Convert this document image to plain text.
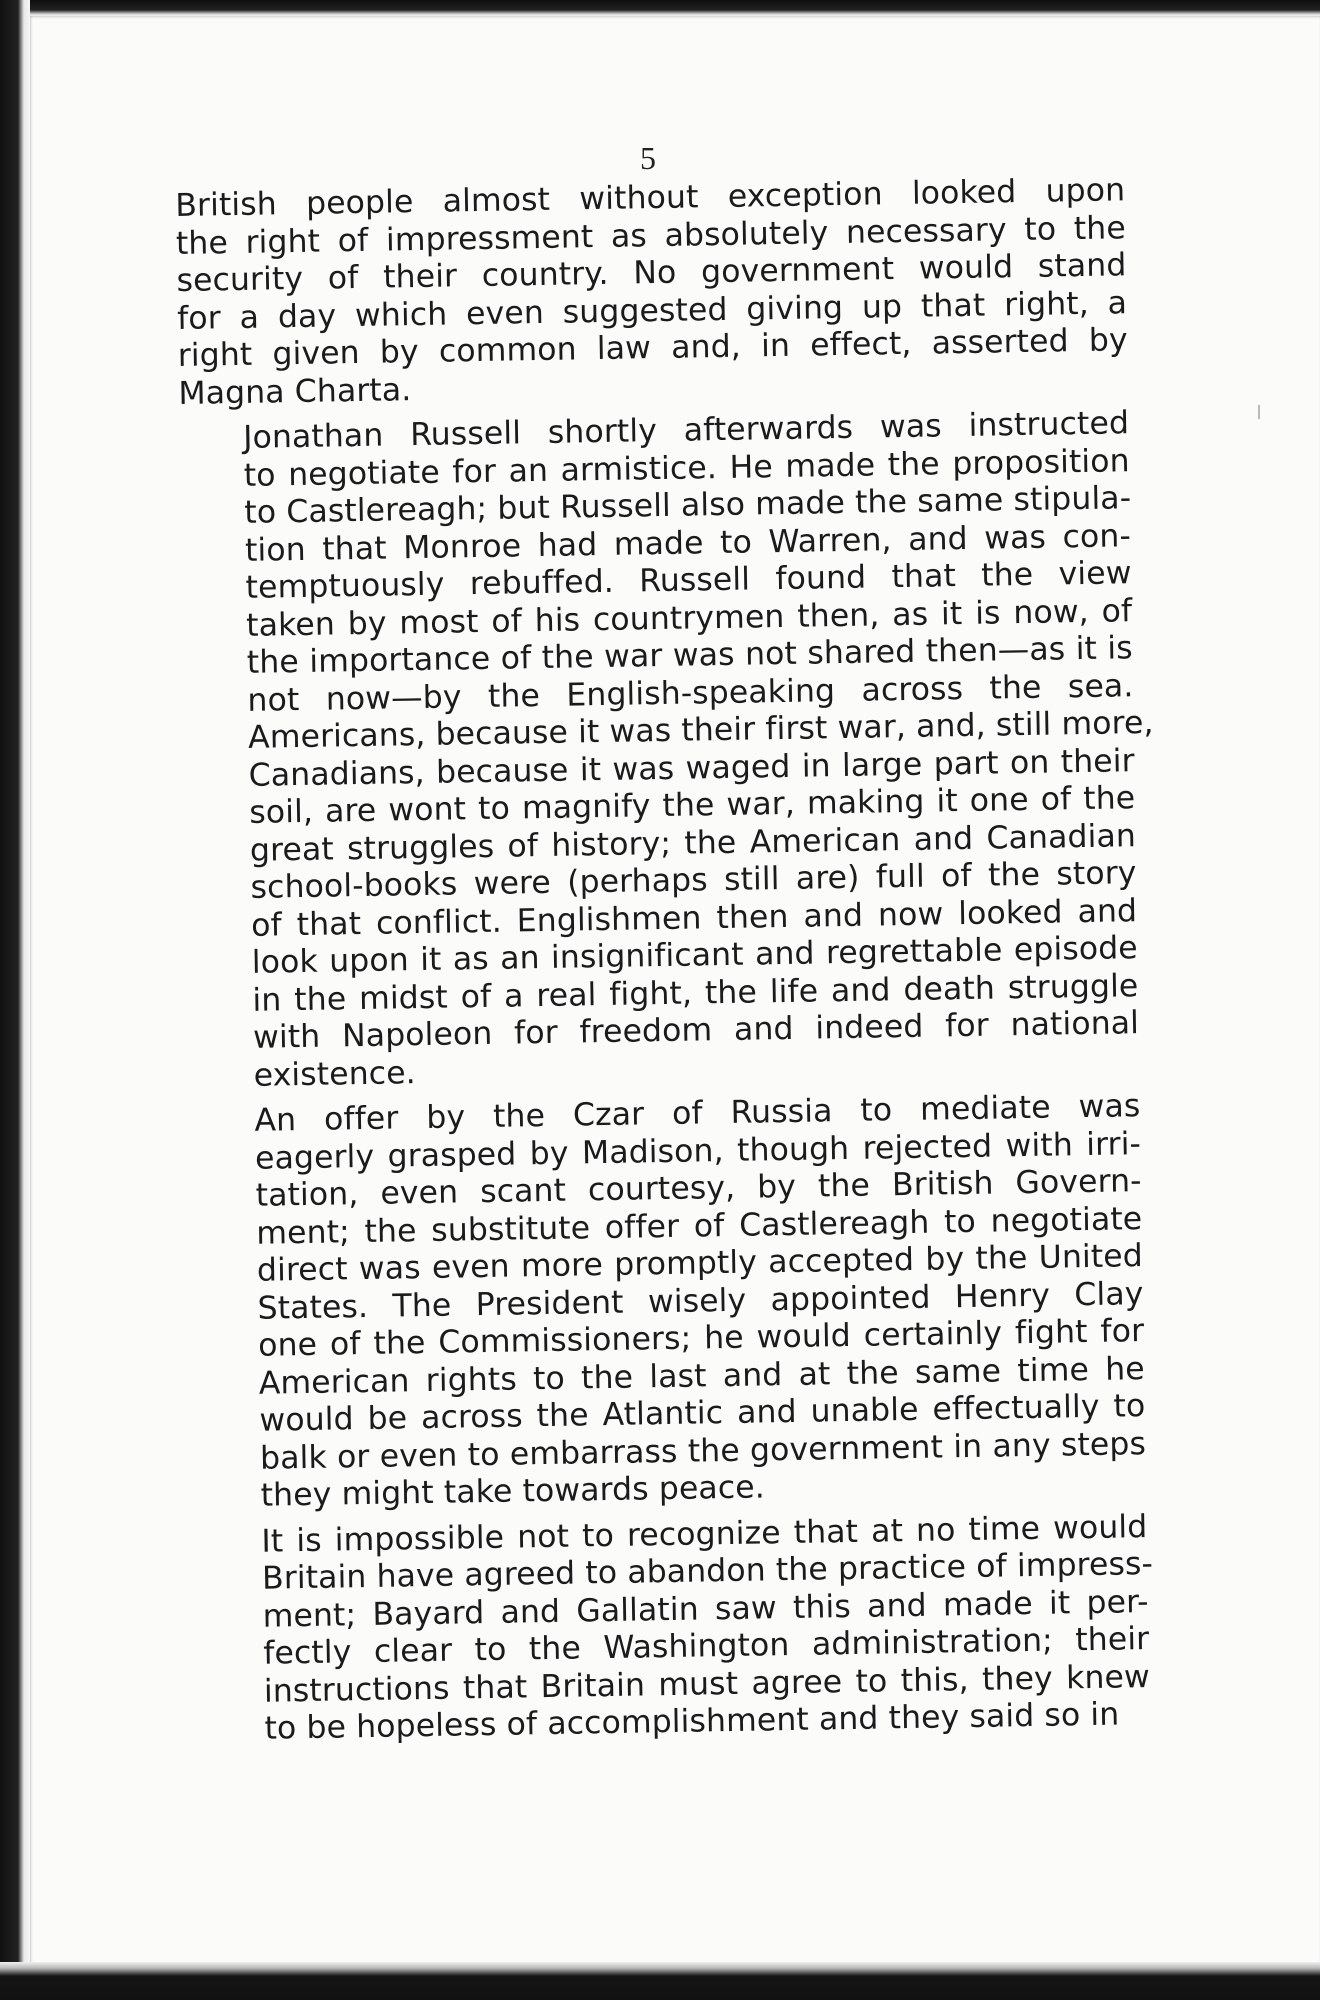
5
British people almost without exception looked upon
the right of impressment as absolutely necessary to the
security of their country. No government would stand
for a day which even suggested giving up that right, a
right given by common law and, in effect, asserted by
Magna Charta.
Jonathan Russell shortly afterwards was instructed
to negotiate for an armistice. He made the proposition
to Castlereagh; but Russell also made the same stipula-
tion that Monroe had made to Warren, and was con-
temptuously rebuffed. Russell found that the view
taken by most of his countrymen then, as it is now, of
the importance of the war was not shared then—as it is
not now—by the English-speaking across the sea.
Americans, because it was their first war, and, still more,
Canadians, because it was waged in large part on their
soil, are wont to magnify the war, making it one of the
great struggles of history; the American and Canadian
school-books were (perhaps still are) full of the story
of that conflict. Englishmen then and now looked and
look upon it as an insignificant and regrettable episode
in the midst of a real fight, the life and death struggle
with Napoleon for freedom and indeed for national
existence.
An offer by the Czar of Russia to mediate was
eagerly grasped by Madison, though rejected with irri-
tation, even scant courtesy, by the British Govern-
ment; the substitute offer of Castlereagh to negotiate
direct was even more promptly accepted by the United
States. The President wisely appointed Henry Clay
one of the Commissioners; he would certainly fight for
American rights to the last and at the same time he
would be across the Atlantic and unable effectually to
balk or even to embarrass the government in any steps
they might take towards peace.
It is impossible not to recognize that at no time would
Britain have agreed to abandon the practice of impress-
ment; Bayard and Gallatin saw this and made it per-
fectly clear to the Washington administration; their
instructions that Britain must agree to this, they knew
to be hopeless of accomplishment and they said so in
